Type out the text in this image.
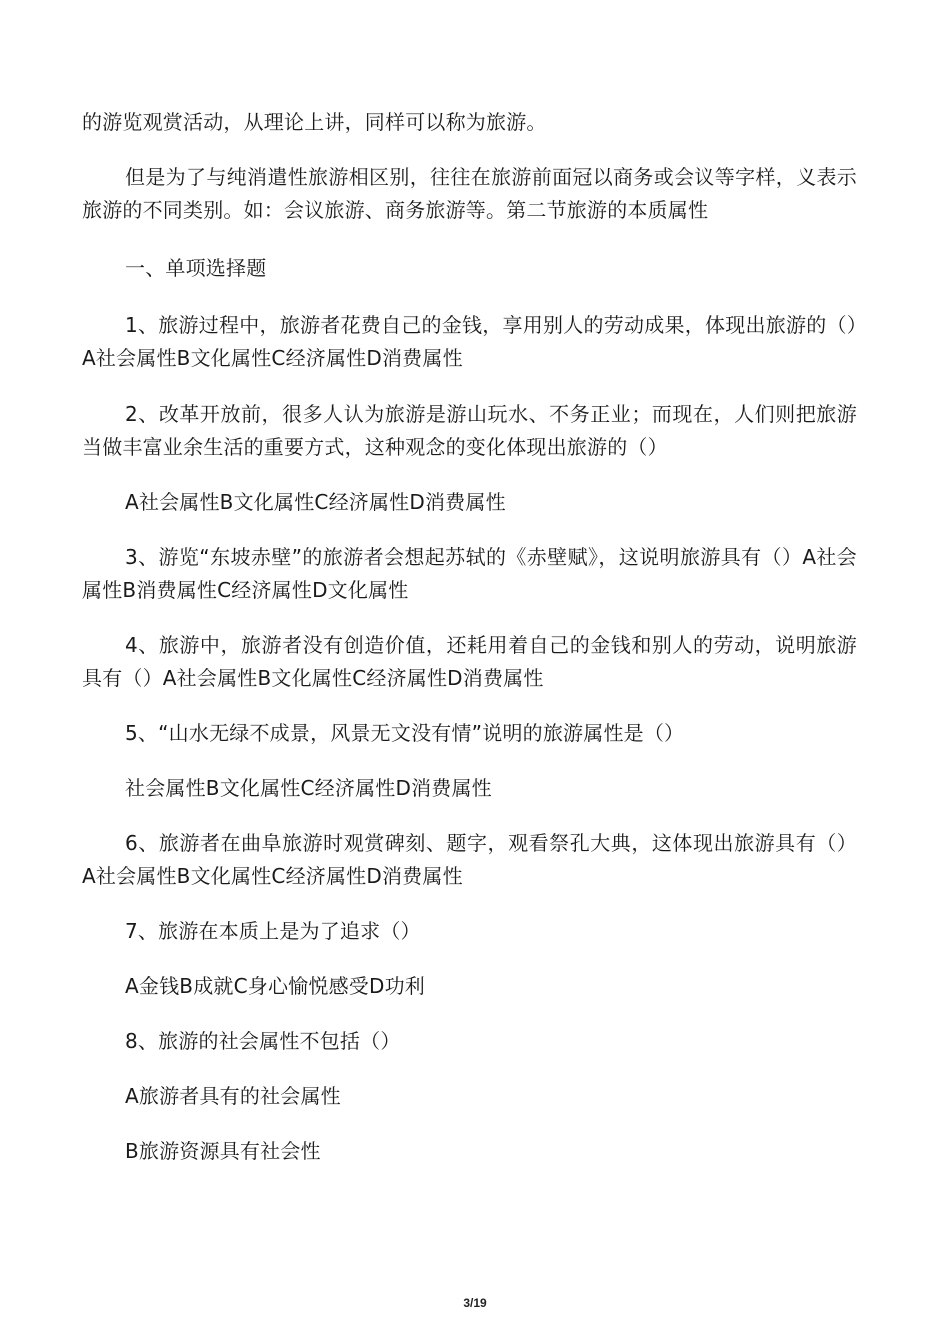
的游览观赏活动，从理论上讲，同样可以称为旅游。

但是为了与纯消遣性旅游相区别，往往在旅游前面冠以商务或会议等字样，义表示旅游的不同类别。如：会议旅游、商务旅游等。第二节旅游的本质属性

一、单项选择题

1、旅游过程中，旅游者花费自己的金钱，享用别人的劳动成果，体现出旅游的（）A社会属性B文化属性C经济属性D消费属性

2、改革开放前，很多人认为旅游是游山玩水、不务正业；而现在，人们则把旅游当做丰富业余生活的重要方式，这种观念的变化体现出旅游的（）

A社会属性B文化属性C经济属性D消费属性

3、游览“东坡赤壁”的旅游者会想起苏轼的《赤壁赋》，这说明旅游具有（）A社会属性B消费属性C经济属性D文化属性

4、旅游中，旅游者没有创造价值，还耗用着自己的金钱和别人的劳动，说明旅游具有（）A社会属性B文化属性C经济属性D消费属性

5、“山水无绿不成景，风景无文没有情”说明的旅游属性是（）

社会属性B文化属性C经济属性D消费属性

6、旅游者在曲阜旅游时观赏碑刻、题字，观看祭孔大典，这体现出旅游具有（）A社会属性B文化属性C经济属性D消费属性

7、旅游在本质上是为了追求（）

A金钱B成就C身心愉悦感受D功利

8、旅游的社会属性不包括（）

A旅游者具有的社会属性

B旅游资源具有社会性

3/19
